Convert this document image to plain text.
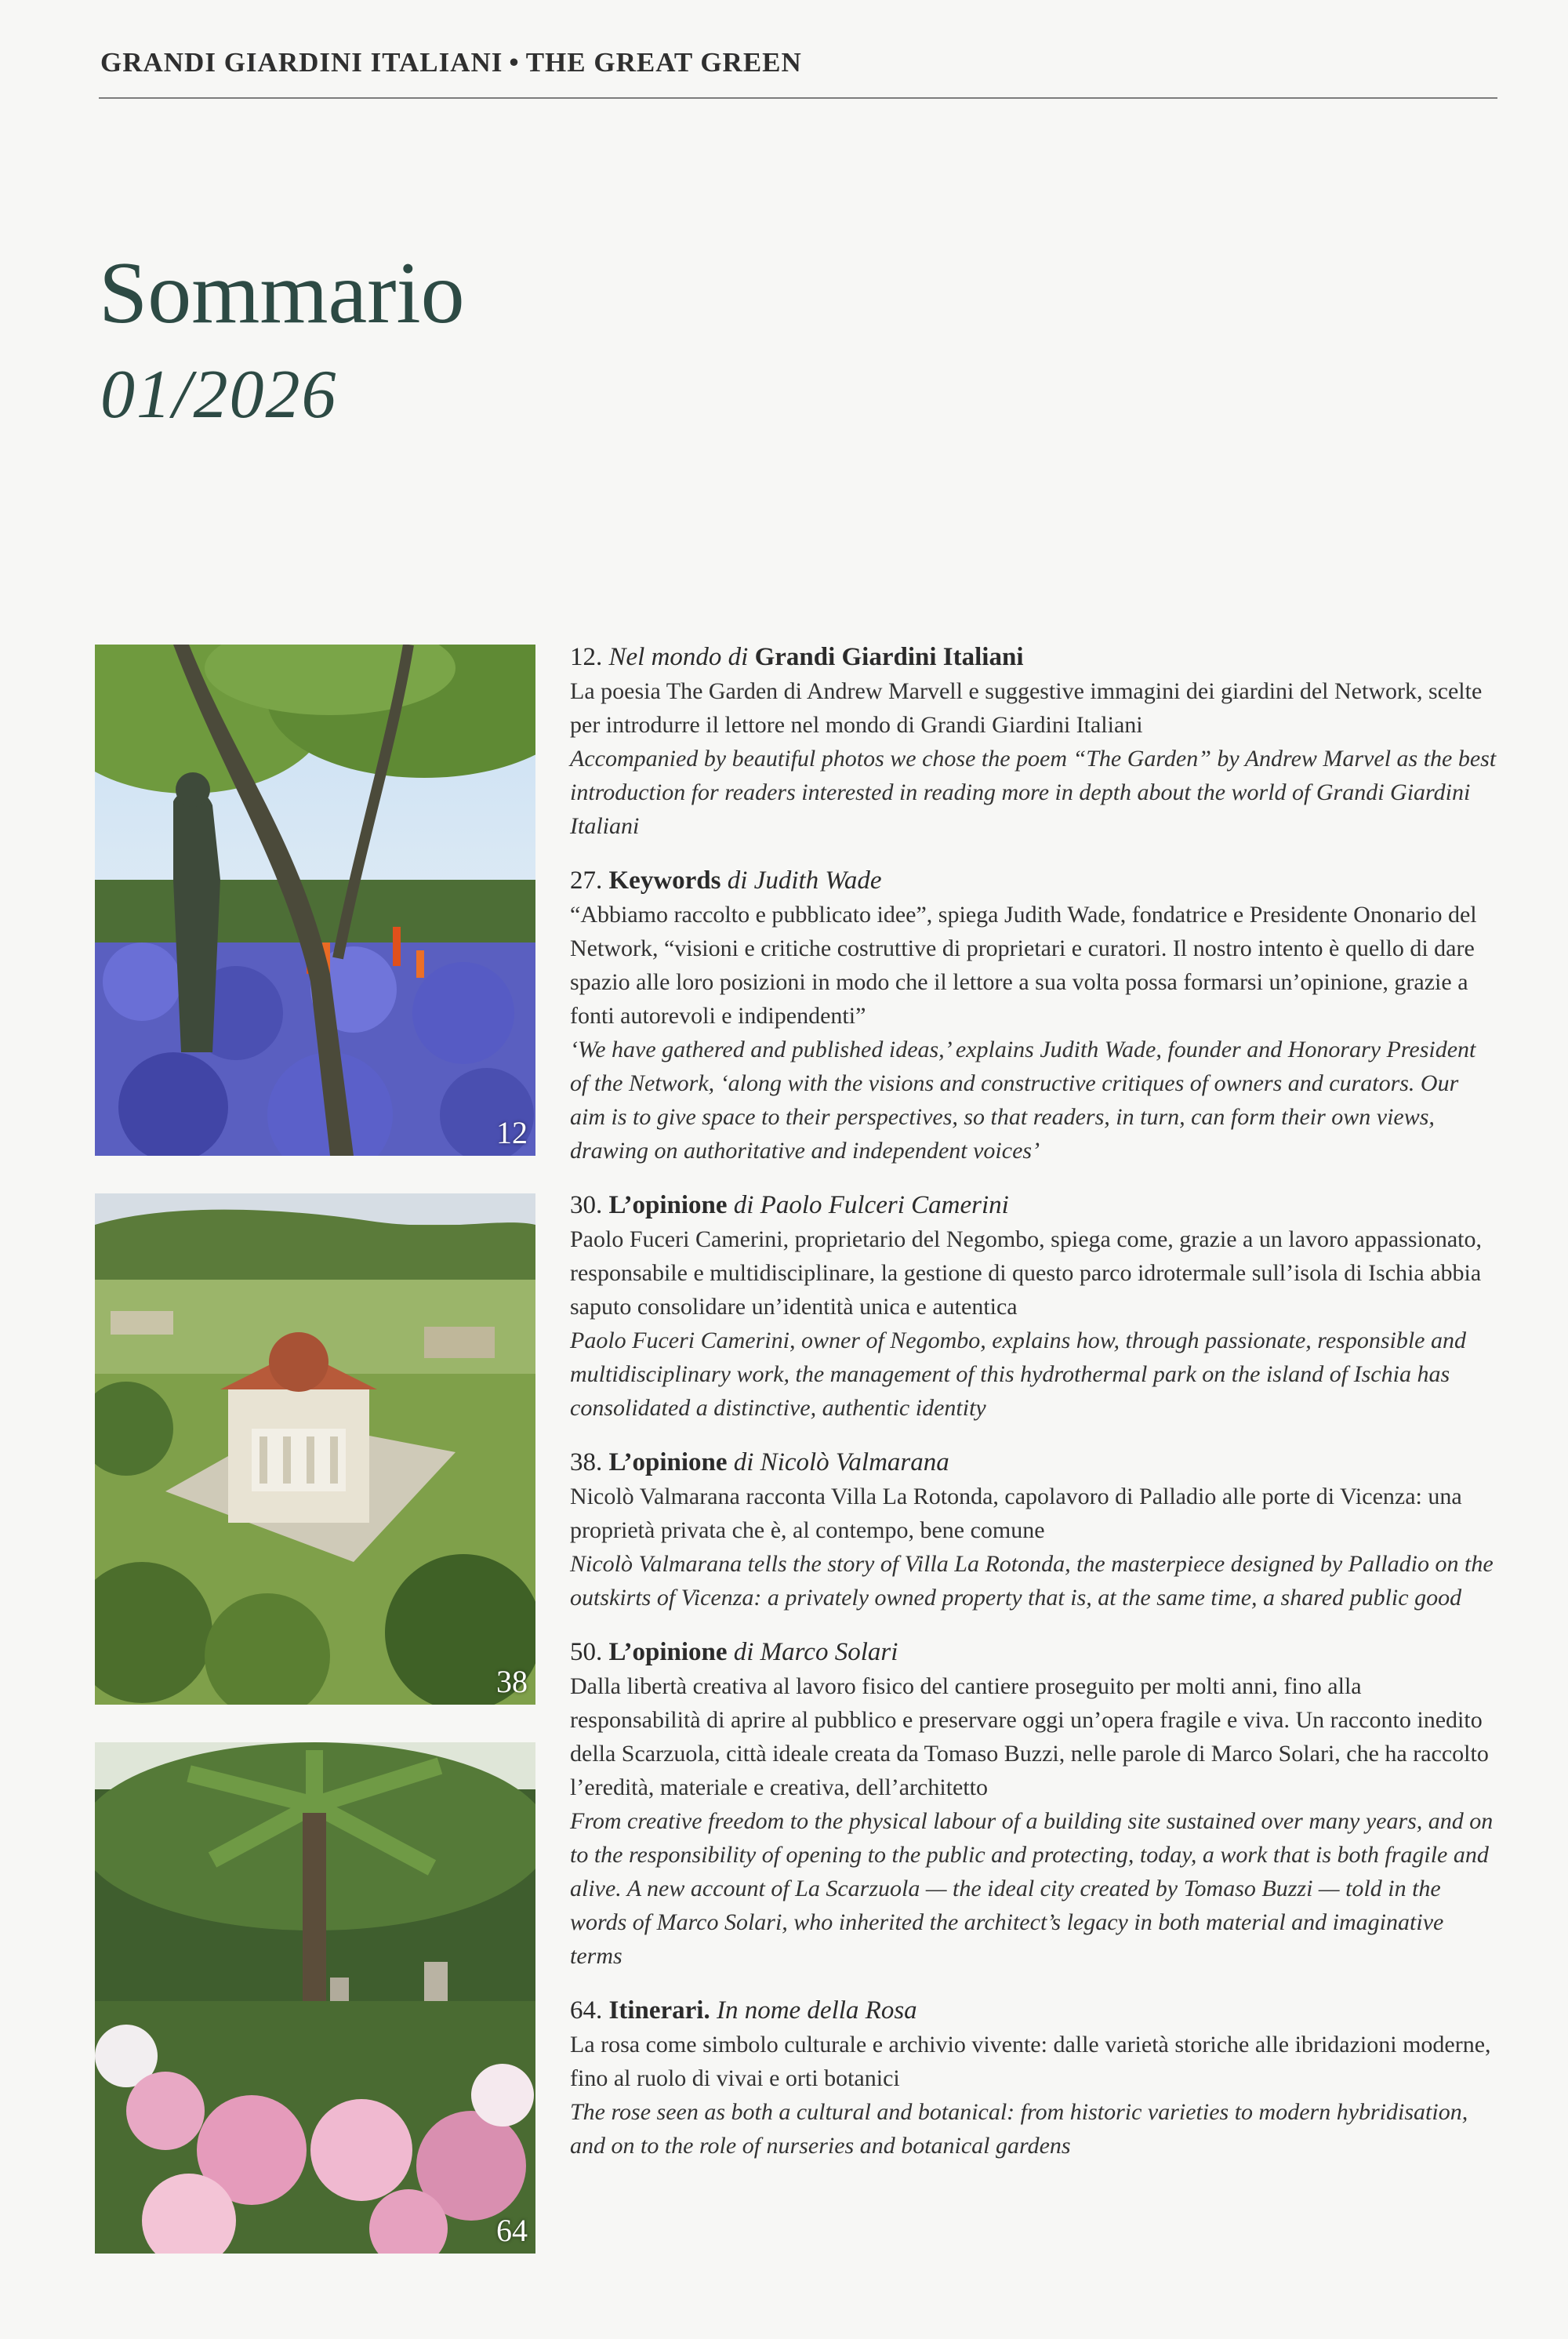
GRANDI GIARDINI ITALIANI • THE GREAT GREEN
Sommario
01/2026
12
38
64
12. Nel mondo di Grandi Giardini Italiani
La poesia The Garden di Andrew Marvell e suggestive immagini dei giardini del Network, scelte per introdurre il lettore nel mondo di Grandi Giardini Italiani
Accompanied by beautiful photos we chose the poem “The Garden” by Andrew Marvel as the best introduction for readers interested in reading more in depth about the world of Grandi Giardini Italiani
27. Keywords di Judith Wade
“Abbiamo raccolto e pubblicato idee”, spiega Judith Wade, fondatrice e Presidente Ononario del Network, “visioni e critiche costruttive di proprietari e curatori. Il nostro intento è quello di dare spazio alle loro posizioni in modo che il lettore a sua volta possa formarsi un’opinione, grazie a fonti autorevoli e indipendenti”
‘We have gathered and published ideas,’ explains Judith Wade, founder and Honorary President of the Network, ‘along with the visions and constructive critiques of owners and curators. Our aim is to give space to their perspectives, so that readers, in turn, can form their own views, drawing on authoritative and independent voices’
30. L’opinione di Paolo Fulceri Camerini
Paolo Fuceri Camerini, proprietario del Negombo, spiega come, grazie a un lavoro appassionato, responsabile e multidisciplinare, la gestione di questo parco idrotermale sull’isola di Ischia abbia saputo consolidare un’identità unica e autentica
Paolo Fuceri Camerini, owner of Negombo, explains how, through passionate, responsible and multidisciplinary work, the management of this hydrothermal park on the island of Ischia has consolidated a distinctive, authentic identity
38. L’opinione di Nicolò Valmarana
Nicolò Valmarana racconta Villa La Rotonda, capolavoro di Palladio alle porte di Vicenza: una proprietà privata che è, al contempo, bene comune
Nicolò Valmarana tells the story of Villa La Rotonda, the masterpiece designed by Palladio on the outskirts of Vicenza: a privately owned property that is, at the same time, a shared public good
50. L’opinione di Marco Solari
Dalla libertà creativa al lavoro fisico del cantiere proseguito per molti anni, fino alla responsabilità di aprire al pubblico e preservare oggi un’opera fragile e viva. Un racconto inedito della Scarzuola, città ideale creata da Tomaso Buzzi, nelle parole di Marco Solari, che ha raccolto l’eredità, materiale e creativa, dell’architetto
From creative freedom to the physical labour of a building site sustained over many years, and on to the responsibility of opening to the public and protecting, today, a work that is both fragile and alive. A new account of La Scarzuola — the ideal city created by Tomaso Buzzi — told in the words of Marco Solari, who inherited the architect’s legacy in both material and imaginative terms
64. Itinerari. In nome della Rosa
La rosa come simbolo culturale e archivio vivente: dalle varietà storiche alle ibridazioni moderne, fino al ruolo di vivai e orti botanici
The rose seen as both a cultural and botanical: from historic varieties to modern hybridisation, and on to the role of nurseries and botanical gardens
